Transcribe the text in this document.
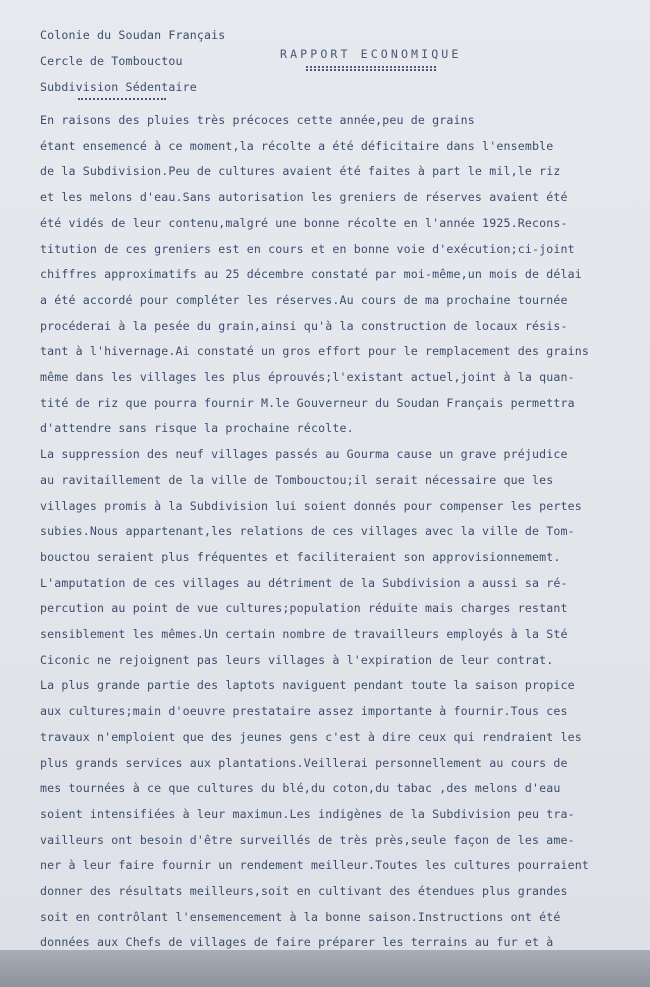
Colonie du Soudan Français
Cercle de Tombouctou
Subdivision Sédentaire
RAPPORT ECONOMIQUE
En raisons des pluies très précoces cette année,peu de grains
étant ensemencé à ce moment,la récolte a été déficitaire dans l'ensemble
de la Subdivision.Peu de cultures avaient été faites à part le mil,le riz
et les melons d'eau.Sans autorisation les greniers de réserves avaient été
été vidés de leur contenu,malgré une bonne récolte en l'année 1925.Recons-
titution de ces greniers est en cours et en bonne voie d'exécution;ci-joint
chiffres approximatifs au 25 décembre constaté par moi-même,un mois de délai
a été accordé pour compléter les réserves.Au cours de ma prochaine tournée
procéderai à la pesée du grain,ainsi qu'à la construction de locaux résis-
tant à l'hivernage.Ai constaté un gros effort pour le remplacement des grains
même dans les villages les plus éprouvés;l'existant actuel,joint à la quan-
tité de riz que pourra fournir M.le Gouverneur du Soudan Français permettra
d'attendre sans risque la prochaine récolte.
La suppression des neuf villages passés au Gourma cause un grave préjudice
au ravitaillement de la ville de Tombouctou;il serait nécessaire que les
villages promis à la Subdivision lui soient donnés pour compenser les pertes
subies.Nous appartenant,les relations de ces villages avec la ville de Tom-
bouctou seraient plus fréquentes et faciliteraient son approvisionnememt.
L'amputation de ces villages au détriment de la Subdivision a aussi sa ré-
percution au point de vue cultures;population réduite mais charges restant
sensiblement les mêmes.Un certain nombre de travailleurs employés à la Sté
Ciconic ne rejoignent pas leurs villages à l'expiration de leur contrat.
La plus grande partie des laptots naviguent pendant toute la saison propice
aux cultures;main d'oeuvre prestataire assez importante à fournir.Tous ces
travaux n'emploient que des jeunes gens c'est à dire ceux qui rendraient les
plus grands services aux plantations.Veillerai personnellement au cours de
mes tournées à ce que cultures du blé,du coton,du tabac ,des melons d'eau
soient intensifiées à leur maximun.Les indigènes de la Subdivision peu tra-
vailleurs ont besoin d'être surveillés de très près,seule façon de les ame-
ner à leur faire fournir un rendement meilleur.Toutes les cultures pourraient
donner des résultats meilleurs,soit en cultivant des étendues plus grandes
soit en contrôlant l'ensemencement à la bonne saison.Instructions ont été
données aux Chefs de villages de faire préparer les terrains au fur et à
